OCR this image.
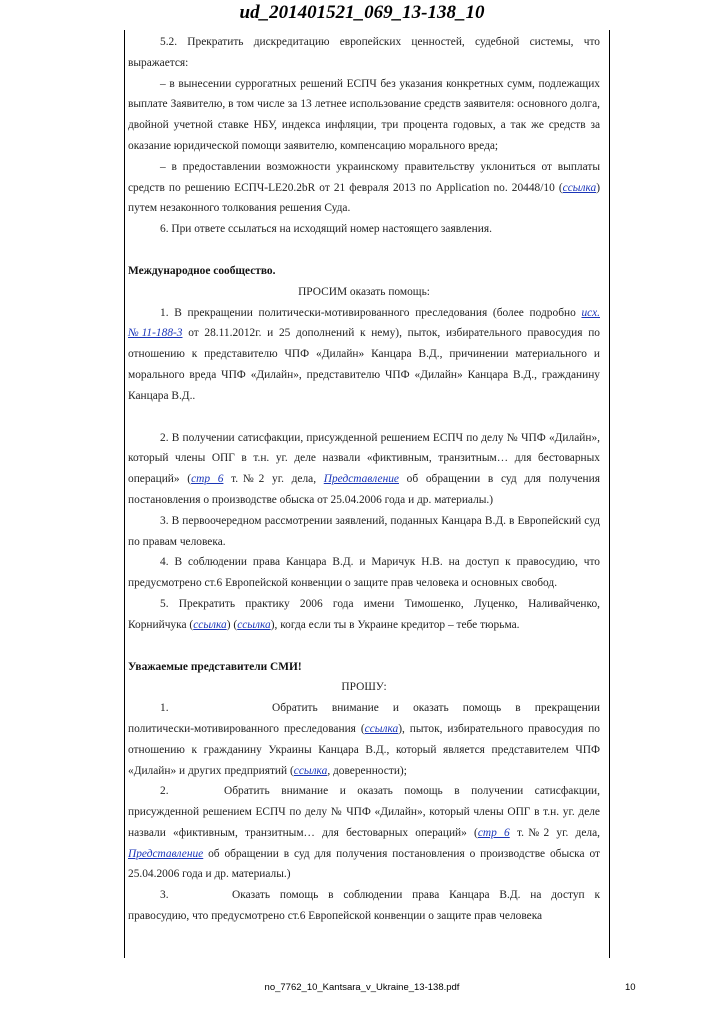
ud_201401521_069_13-138_10

5.2. Прекратить дискредитацию европейских ценностей, судебной системы, что выражается:

– в вынесении суррогатных решений ЕСПЧ без указания конкретных сумм, подлежащих выплате Заявителю, в том числе за 13 летнее использование средств заявителя: основного долга, двойной учетной ставке НБУ, индекса инфляции, три процента годовых, а так же средств за оказание юридической помощи заявителю, компенсацию морального вреда;

– в предоставлении возможности украинскому правительству уклониться от выплаты средств по решению ЕСПЧ-LE20.2bR от 21 февраля 2013 по Application no. 20448/10 (ссылка) путем незаконного толкования решения Суда.

6. При ответе ссылаться на исходящий номер настоящего заявления.

Международное сообщество.

ПРОСИМ оказать помощь:

1. В прекращении политически-мотивированного преследования (более подробно исх.№11-188-3 от 28.11.2012г. и 25 дополнений к нему), пыток, избирательного правосудия по отношению к представителю ЧПФ «Дилайн» Канцара В.Д., причинении материального и морального вреда ЧПФ «Дилайн», представителю ЧПФ «Дилайн» Канцара В.Д., гражданину Канцара В.Д..

2. В получении сатисфакции, присужденной решением ЕСПЧ по делу № ЧПФ «Дилайн», который члены ОПГ в т.н. уг. деле назвали «фиктивным, транзитным… для бестоварных операций» (стр 6 т.№2 уг. дела, Представление об обращении в суд для получения постановления о производстве обыска от 25.04.2006 года и др. материалы.)

3. В первоочередном рассмотрении заявлений, поданных Канцара В.Д. в Европейский суд по правам человека.

4. В соблюдении права Канцара В.Д. и Маричук Н.В. на доступ к правосудию, что предусмотрено ст.6 Европейской конвенции о защите прав человека и основных свобод.

5. Прекратить практику 2006 года имени Тимошенко, Луценко, Наливайченко, Корнийчука (ссылка) (ссылка), когда если ты в Украине кредитор – тебе тюрьма.

Уважаемые представители СМИ!

ПРОШУ:

1.	Обратить внимание и оказать помощь в прекращении политически-мотивированного преследования (ссылка), пыток, избирательного правосудия по отношению к гражданину Украины Канцара В.Д., который является представителем ЧПФ «Дилайн» и других предприятий (ссылка, доверенности);

2.	Обратить внимание и оказать помощь в получении сатисфакции, присужденной решением ЕСПЧ по делу № ЧПФ «Дилайн», который члены ОПГ в т.н. уг. деле назвали «фиктивным, транзитным… для бестоварных операций» (стр 6 т.№2 уг. дела, Представление об обращении в суд для получения постановления о производстве обыска от 25.04.2006 года и др. материалы.)

3.	Оказать помощь в соблюдении права Канцара В.Д. на доступ к правосудию, что предусмотрено ст.6 Европейской конвенции о защите прав человека

no_7762_10_Kantsara_v_Ukraine_13-138.pdf	10
